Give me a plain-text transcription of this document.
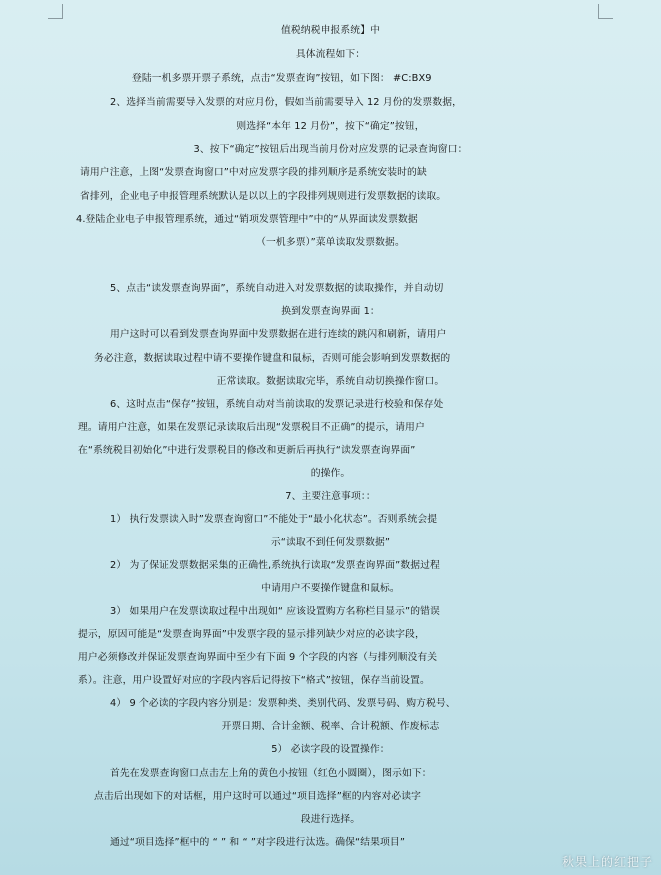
值税纳税申报系统】中
具体流程如下：
登陆一机多票开票子系统，点击“发票查询”按钮，如下图： #C:BX9
2、选择当前需要导入发票的对应月份，假如当前需要导入 12 月份的发票数据，
则选择“本年 12 月份”，按下“确定”按钮，
3、按下“确定”按钮后出现当前月份对应发票的记录查询窗口：
请用户注意，上图“发票查询窗口”中对应发票字段的排列顺序是系统安装时的缺
省排列，企业电子申报管理系统默认是以以上的字段排列规则进行发票数据的读取。
4.登陆企业电子申报管理系统，通过“销项发票管理中”中的“从界面读发票数据
（一机多票）”菜单读取发票数据。
5、点击“读发票查询界面”，系统自动进入对发票数据的读取操作，并自动切
换到发票查询界面 1：
用户这时可以看到发票查询界面中发票数据在进行连续的跳闪和刷新，请用户
务必注意，数据读取过程中请不要操作键盘和鼠标，否则可能会影响到发票数据的
正常读取。数据读取完毕，系统自动切换操作窗口。
6、这时点击“保存”按钮，系统自动对当前读取的发票记录进行校验和保存处
理。请用户注意，如果在发票记录读取后出现“发票税目不正确”的提示，请用户
在“系统税目初始化”中进行发票税目的修改和更新后再执行“读发票查询界面”
的操作。
7、主要注意事项：：
1） 执行发票读入时”发票查询窗口”不能处于“最小化状态”。否则系统会提
示“读取不到任何发票数据”
2） 为了保证发票数据采集的正确性,系统执行读取“发票查询界面”数据过程
中请用户不要操作键盘和鼠标。
3） 如果用户在发票读取过程中出现如“ 应该设置购方名称栏目显示”的错误
提示，原因可能是“发票查询界面”中发票字段的显示排列缺少对应的必读字段，
用户必须修改并保证发票查询界面中至少有下面 9 个字段的内容（与排列顺没有关
系）。注意，用户设置好对应的字段内容后记得按下“格式”按钮，保存当前设置。
4） 9 个必读的字段内容分别是：发票种类、类别代码、发票号码、购方税号、
开票日期、合计金额、税率、合计税额、作废标志
5） 必读字段的设置操作：
首先在发票查询窗口点击左上角的黄色小按钮（红色小圆圈），图示如下：
点击后出现如下的对话框，用户这时可以通过“项目选择”框的内容对必读字
段进行选择。
通过“项目选择”框中的 “ ” 和 “ ”对字段进行汰选。确保“结果项目”
秋果上的红把子
